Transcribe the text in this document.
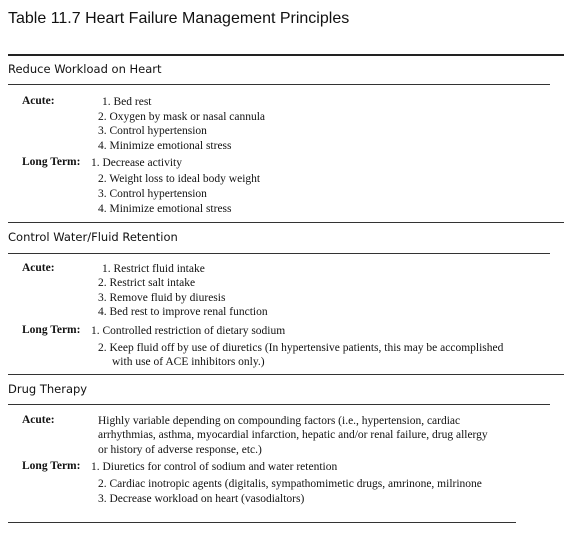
Table 11.7 Heart Failure Management Principles
Reduce Workload on Heart
Acute:	1. Bed rest
2. Oxygen by mask or nasal cannula
3. Control hypertension
4. Minimize emotional stress
Long Term: 1. Decrease activity
2. Weight loss to ideal body weight
3. Control hypertension
4. Minimize emotional stress
Control Water/Fluid Retention
Acute:	1. Restrict fluid intake
2. Restrict salt intake
3. Remove fluid by diuresis
4. Bed rest to improve renal function
Long Term: 1. Controlled restriction of dietary sodium
2. Keep fluid off by use of diuretics (In hypertensive patients, this may be accomplished
with use of ACE inhibitors only.)
Drug Therapy
Acute:	Highly variable depending on compounding factors (i.e., hypertension, cardiac
arrhythmias, asthma, myocardial infarction, hepatic and/or renal failure, drug allergy
or history of adverse response, etc.)
Long Term: 1. Diuretics for control of sodium and water retention
2. Cardiac inotropic agents (digitalis, sympathomimetic drugs, amrinone, milrinone
3. Decrease workload on heart (vasodialtors)
